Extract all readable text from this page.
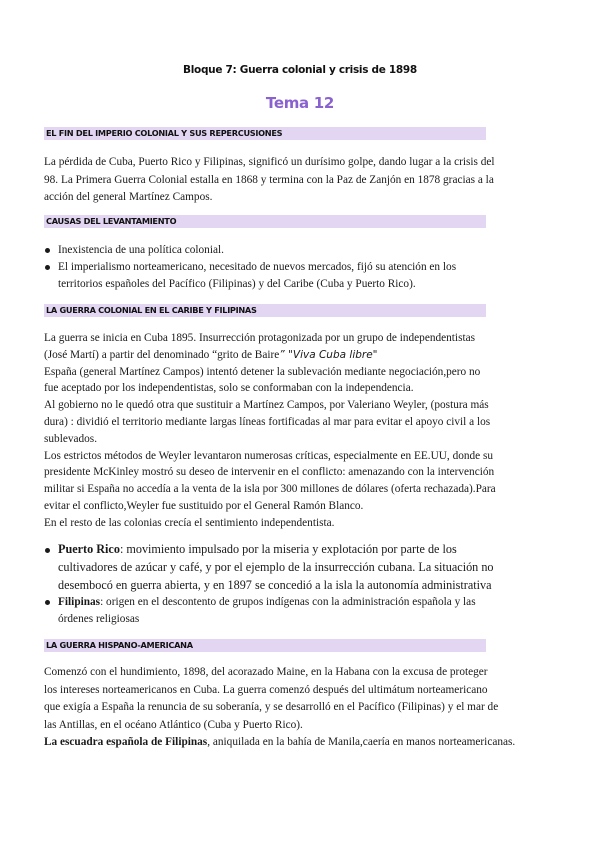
Bloque 7: Guerra colonial y crisis de 1898
Tema 12
EL FIN DEL IMPERIO COLONIAL Y SUS REPERCUSIONES
La pérdida de Cuba, Puerto Rico y Filipinas, significó un durísimo golpe, dando lugar a la crisis del
98. La Primera Guerra Colonial estalla en 1868 y termina con la Paz de Zanjón en 1878 gracias a la
acción del general Martínez Campos.
CAUSAS DEL LEVANTAMIENTO
Inexistencia de una política colonial.
El imperialismo norteamericano, necesitado de nuevos mercados, fijó su atención en los
territorios españoles del Pacífico (Filipinas) y del Caribe (Cuba y Puerto Rico).
LA GUERRA COLONIAL EN EL CARIBE Y FILIPINAS
La guerra se inicia en Cuba 1895. Insurrección protagonizada por un grupo de independentistas
(José Martí) a partir del denominado “grito de Baire” "Viva Cuba libre"
España (general Martínez Campos) intentó detener la sublevación mediante negociación,pero no
fue aceptado por los independentistas, solo se conformaban con la independencia.
Al gobierno no le quedó otra que sustituir a Martínez Campos, por Valeriano Weyler, (postura más
dura) : dividió el territorio mediante largas líneas fortificadas al mar para evitar el apoyo civil a los
sublevados.
Los estrictos métodos de Weyler levantaron numerosas críticas, especialmente en EE.UU, donde su
presidente McKinley mostró su deseo de intervenir en el conflicto: amenazando con la intervención
militar si España no accedía a la venta de la isla por 300 millones de dólares (oferta rechazada).Para
evitar el conflicto,Weyler fue sustituido por el General Ramón Blanco.
En el resto de las colonias crecía el sentimiento independentista.
Puerto Rico: movimiento impulsado por la miseria y explotación por parte de los
cultivadores de azúcar y café, y por el ejemplo de la insurrección cubana. La situación no
desembocó en guerra abierta, y en 1897 se concedió a la isla la autonomía administrativa
Filipinas: origen en el descontento de grupos indígenas con la administración española y las
órdenes religiosas
LA GUERRA HISPANO-AMERICANA
Comenzó con el hundimiento, 1898, del acorazado Maine, en la Habana con la excusa de proteger
los intereses norteamericanos en Cuba. La guerra comenzó después del ultimátum norteamericano
que exigía a España la renuncia de su soberanía, y se desarrolló en el Pacífico (Filipinas) y el mar de
las Antillas, en el océano Atlántico (Cuba y Puerto Rico).
La escuadra española de Filipinas, aniquilada en la bahía de Manila,caería en manos norteamericanas.
